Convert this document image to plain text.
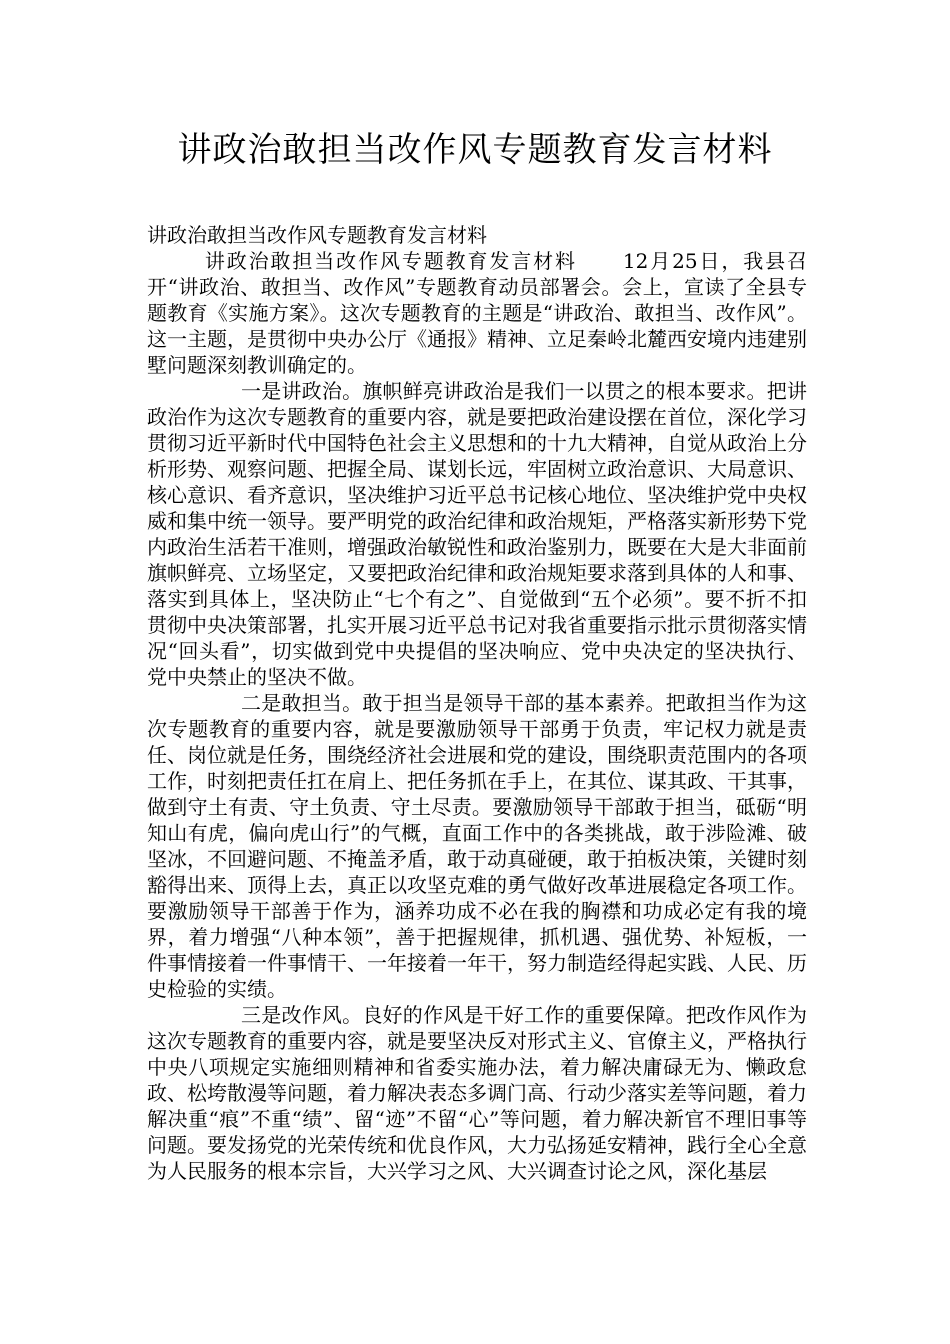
讲政治敢担当改作风专题教育发言材料

讲政治敢担当改作风专题教育发言材料

讲政治敢担当改作风专题教育发言材料 12月25日，我县召开“讲政治、敢担当、改作风”专题教育动员部署会。会上，宣读了全县专题教育《实施方案》。这次专题教育的主题是“讲政治、敢担当、改作风”。这一主题，是贯彻中央办公厅《通报》精神、立足秦岭北麓西安境内违建别墅问题深刻教训确定的。

一是讲政治。旗帜鲜亮讲政治是我们一以贯之的根本要求。把讲政治作为这次专题教育的重要内容，就是要把政治建设摆在首位，深化学习贯彻习近平新时代中国特色社会主义思想和的十九大精神，自觉从政治上分析形势、观察问题、把握全局、谋划长远，牢固树立政治意识、大局意识、核心意识、看齐意识，坚决维护习近平总书记核心地位、坚决维护党中央权威和集中统一领导。要严明党的政治纪律和政治规矩，严格落实新形势下党内政治生活若干准则，增强政治敏锐性和政治鉴别力，既要在大是大非面前旗帜鲜亮、立场坚定，又要把政治纪律和政治规矩要求落到具体的人和事、落实到具体上，坚决防止“七个有之”、自觉做到“五个必须”。要不折不扣贯彻中央决策部署，扎实开展习近平总书记对我省重要指示批示贯彻落实情况“回头看”，切实做到党中央提倡的坚决响应、党中央决定的坚决执行、党中央禁止的坚决不做。

二是敢担当。敢于担当是领导干部的基本素养。把敢担当作为这次专题教育的重要内容，就是要激励领导干部勇于负责，牢记权力就是责任、岗位就是任务，围绕经济社会进展和党的建设，围绕职责范围内的各项工作，时刻把责任扛在肩上、把任务抓在手上，在其位、谋其政、干其事，做到守土有责、守土负责、守土尽责。要激励领导干部敢于担当，砥砺“明知山有虎，偏向虎山行”的气概，直面工作中的各类挑战，敢于涉险滩、破坚冰，不回避问题、不掩盖矛盾，敢于动真碰硬，敢于拍板决策，关键时刻豁得出来、顶得上去，真正以攻坚克难的勇气做好改革进展稳定各项工作。要激励领导干部善于作为，涵养功成不必在我的胸襟和功成必定有我的境界，着力增强“八种本领”，善于把握规律，抓机遇、强优势、补短板，一件事情接着一件事情干、一年接着一年干，努力制造经得起实践、人民、历史检验的实绩。

三是改作风。良好的作风是干好工作的重要保障。把改作风作为这次专题教育的重要内容，就是要坚决反对形式主义、官僚主义，严格执行中央八项规定实施细则精神和省委实施办法，着力解决庸碌无为、懒政怠政、松垮散漫等问题，着力解决表态多调门高、行动少落实差等问题，着力解决重“痕”不重“绩”、留“迹”不留“心”等问题，着力解决新官不理旧事等问题。要发扬党的光荣传统和优良作风，大力弘扬延安精神，践行全心全意为人民服务的根本宗旨，大兴学习之风、大兴调查讨论之风，深化基层
